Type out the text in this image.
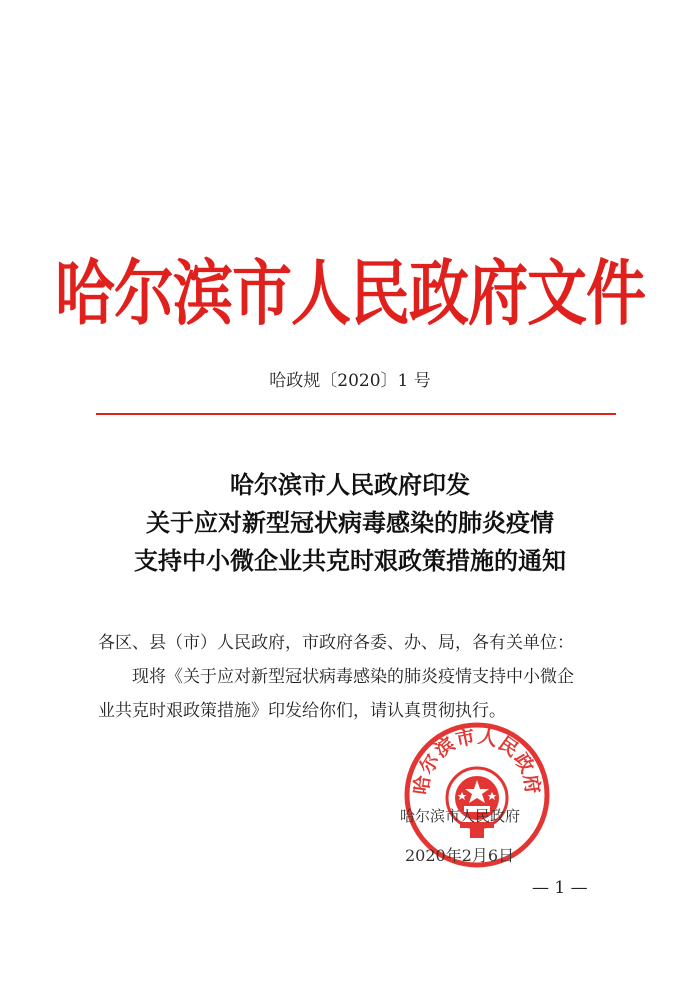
哈尔滨市人民政府文件
哈政规〔2020〕1 号
哈尔滨市人民政府印发
关于应对新型冠状病毒感染的肺炎疫情
支持中小微企业共克时艰政策措施的通知
各区、县（市）人民政府，市政府各委、办、局，各有关单位：
现将《关于应对新型冠状病毒感染的肺炎疫情支持中小微企
业共克时艰政策措施》印发给你们，请认真贯彻执行。
哈尔滨市人民政府
哈尔滨市人民政府
2020年2月6日
— 1 —
